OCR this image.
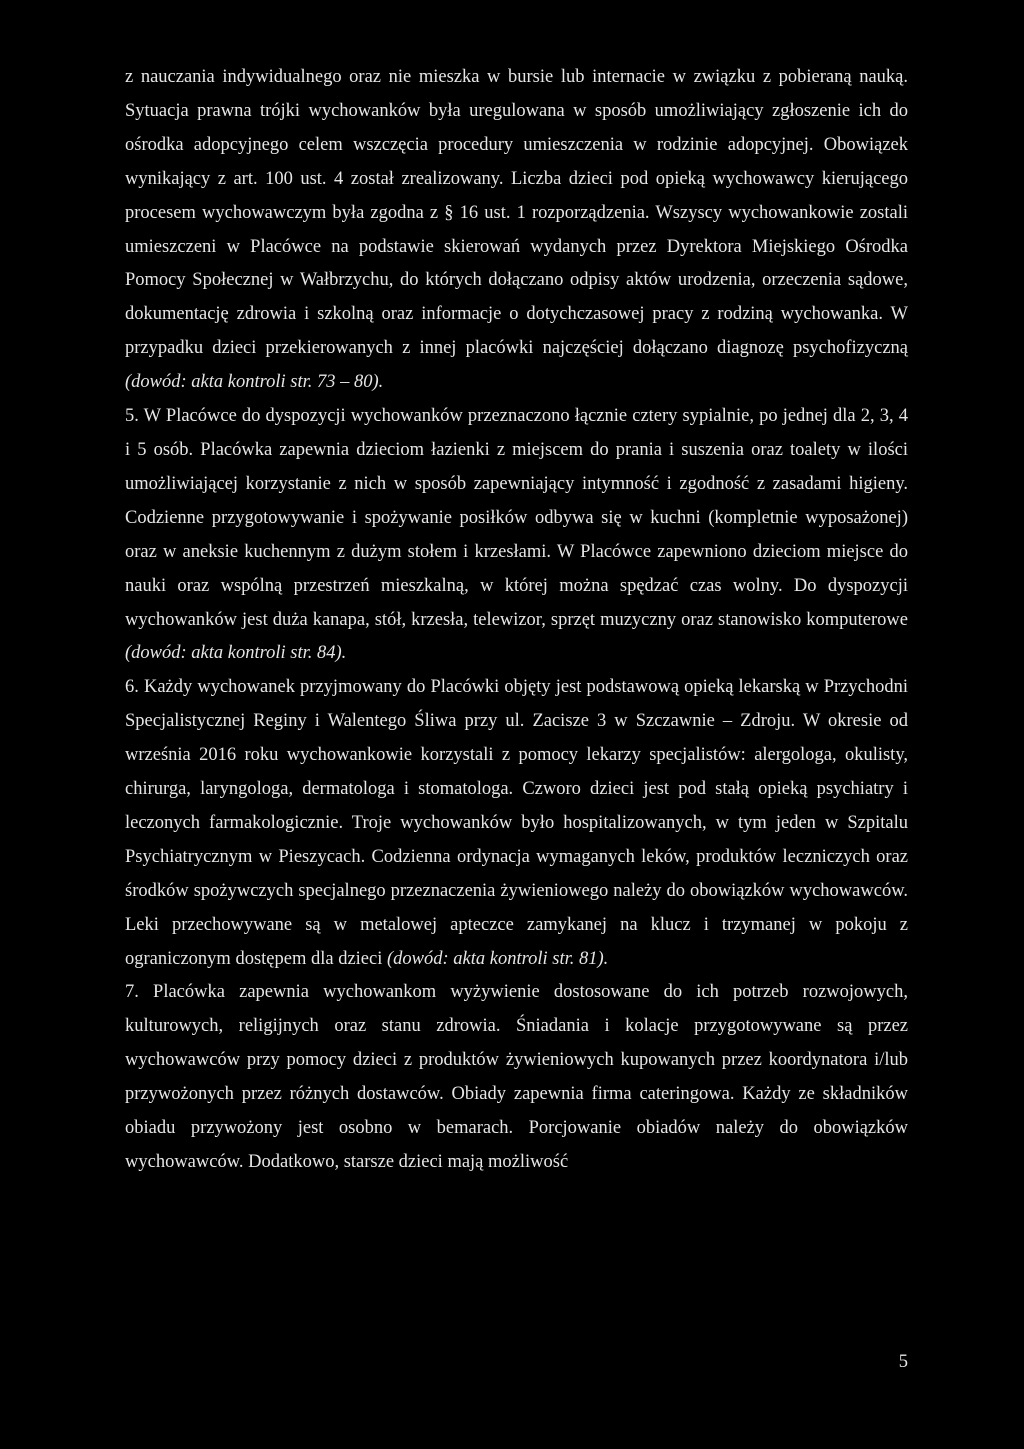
z nauczania indywidualnego oraz nie mieszka w bursie lub internacie w związku z pobieraną nauką. Sytuacja prawna trójki wychowanków była uregulowana w sposób umożliwiający zgłoszenie ich do ośrodka adopcyjnego celem wszczęcia procedury umieszczenia w rodzinie adopcyjnej. Obowiązek wynikający z art. 100 ust. 4 został zrealizowany. Liczba dzieci pod opieką wychowawcy kierującego procesem wychowawczym była zgodna z § 16 ust. 1 rozporządzenia. Wszyscy wychowankowie zostali umieszczeni w Placówce na podstawie skierowań wydanych przez Dyrektora Miejskiego Ośrodka Pomocy Społecznej w Wałbrzychu, do których dołączano odpisy aktów urodzenia, orzeczenia sądowe, dokumentację zdrowia i szkolną oraz informacje o dotychczasowej pracy z rodziną wychowanka. W przypadku dzieci przekierowanych z innej placówki najczęściej dołączano diagnozę psychofizyczną (dowód: akta kontroli str. 73 – 80).

5. W Placówce do dyspozycji wychowanków przeznaczono łącznie cztery sypialnie, po jednej dla 2, 3, 4 i 5 osób. Placówka zapewnia dzieciom łazienki z miejscem do prania i suszenia oraz toalety w ilości umożliwiającej korzystanie z nich w sposób zapewniający intymność i zgodność z zasadami higieny. Codzienne przygotowywanie i spożywanie posiłków odbywa się w kuchni (kompletnie wyposażonej) oraz w aneksie kuchennym z dużym stołem i krzesłami. W Placówce zapewniono dzieciom miejsce do nauki oraz wspólną przestrzeń mieszkalną, w której można spędzać czas wolny. Do dyspozycji wychowanków jest duża kanapa, stół, krzesła, telewizor, sprzęt muzyczny oraz stanowisko komputerowe (dowód: akta kontroli str. 84).

6. Każdy wychowanek przyjmowany do Placówki objęty jest podstawową opieką lekarską w Przychodni Specjalistycznej Reginy i Walentego Śliwa przy ul. Zacisze 3 w Szczawnie – Zdroju. W okresie od września 2016 roku wychowankowie korzystali z pomocy lekarzy specjalistów: alergologa, okulisty, chirurga, laryngologa, dermatologa i stomatologa. Czworo dzieci jest pod stałą opieką psychiatry i leczonych farmakologicznie. Troje wychowanków było hospitalizowanych, w tym jeden w Szpitalu Psychiatrycznym w Pieszycach. Codzienna ordynacja wymaganych leków, produktów leczniczych oraz środków spożywczych specjalnego przeznaczenia żywieniowego należy do obowiązków wychowawców. Leki przechowywane są w metalowej apteczce zamykanej na klucz i trzymanej w pokoju z ograniczonym dostępem dla dzieci (dowód: akta kontroli str. 81).

7. Placówka zapewnia wychowankom wyżywienie dostosowane do ich potrzeb rozwojowych, kulturowych, religijnych oraz stanu zdrowia. Śniadania i kolacje przygotowywane są przez wychowawców przy pomocy dzieci z produktów żywieniowych kupowanych przez koordynatora i/lub przywożonych przez różnych dostawców. Obiady zapewnia firma cateringowa. Każdy ze składników obiadu przywożony jest osobno w bemarach. Porcjowanie obiadów należy do obowiązków wychowawców. Dodatkowo, starsze dzieci mają możliwość

5
